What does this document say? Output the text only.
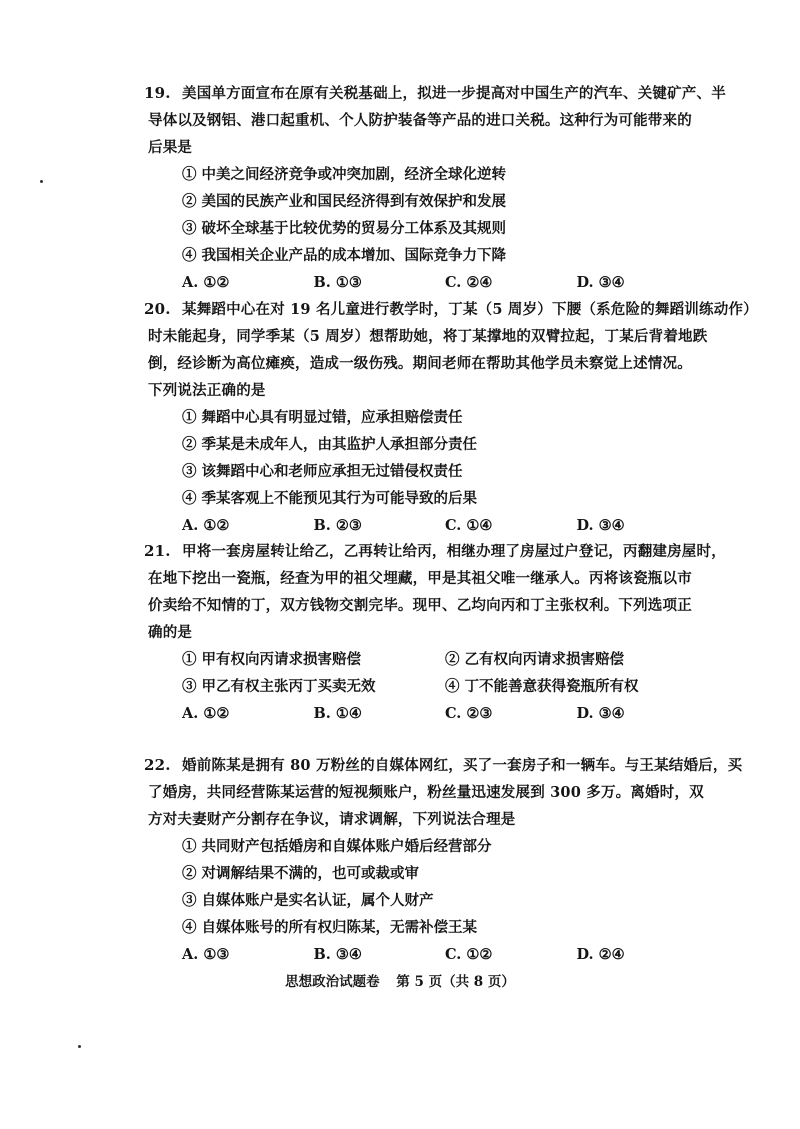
19. 美国单方面宣布在原有关税基础上，拟进一步提高对中国生产的汽车、关键矿产、半
导体以及钢铝、港口起重机、个人防护装备等产品的进口关税。这种行为可能带来的
后果是
① 中美之间经济竞争或冲突加剧，经济全球化逆转
② 美国的民族产业和国民经济得到有效保护和发展
③ 破坏全球基于比较优势的贸易分工体系及其规则
④ 我国相关企业产品的成本增加、国际竞争力下降
A. ①②	B. ①③	C. ②④	D. ③④
20. 某舞蹈中心在对 19 名儿童进行教学时，丁某（5 周岁）下腰（系危险的舞蹈训练动作）
时未能起身，同学季某（5 周岁）想帮助她，将丁某撑地的双臂拉起，丁某后背着地跌
倒，经诊断为高位瘫痪，造成一级伤残。期间老师在帮助其他学员未察觉上述情况。
下列说法正确的是
① 舞蹈中心具有明显过错，应承担赔偿责任
② 季某是未成年人，由其监护人承担部分责任
③ 该舞蹈中心和老师应承担无过错侵权责任
④ 季某客观上不能预见其行为可能导致的后果
A. ①②	B. ②③	C. ①④	D. ③④
21. 甲将一套房屋转让给乙，乙再转让给丙，相继办理了房屋过户登记，丙翻建房屋时，
在地下挖出一瓷瓶，经查为甲的祖父埋藏，甲是其祖父唯一继承人。丙将该瓷瓶以市
价卖给不知情的丁，双方钱物交割完毕。现甲、乙均向丙和丁主张权利。下列选项正
确的是
① 甲有权向丙请求损害赔偿	② 乙有权向丙请求损害赔偿
③ 甲乙有权主张丙丁买卖无效	④ 丁不能善意获得瓷瓶所有权
A. ①②	B. ①④	C. ②③	D. ③④
22. 婚前陈某是拥有 80 万粉丝的自媒体网红，买了一套房子和一辆车。与王某结婚后，买
了婚房，共同经营陈某运营的短视频账户，粉丝量迅速发展到 300 多万。离婚时，双
方对夫妻财产分割存在争议，请求调解，下列说法合理是
① 共同财产包括婚房和自媒体账户婚后经营部分
② 对调解结果不满的，也可或裁或审
③ 自媒体账户是实名认证，属个人财产
④ 自媒体账号的所有权归陈某，无需补偿王某
A. ①③	B. ③④	C. ①②	D. ②④
思想政治试题卷 第 5 页（共 8 页）
